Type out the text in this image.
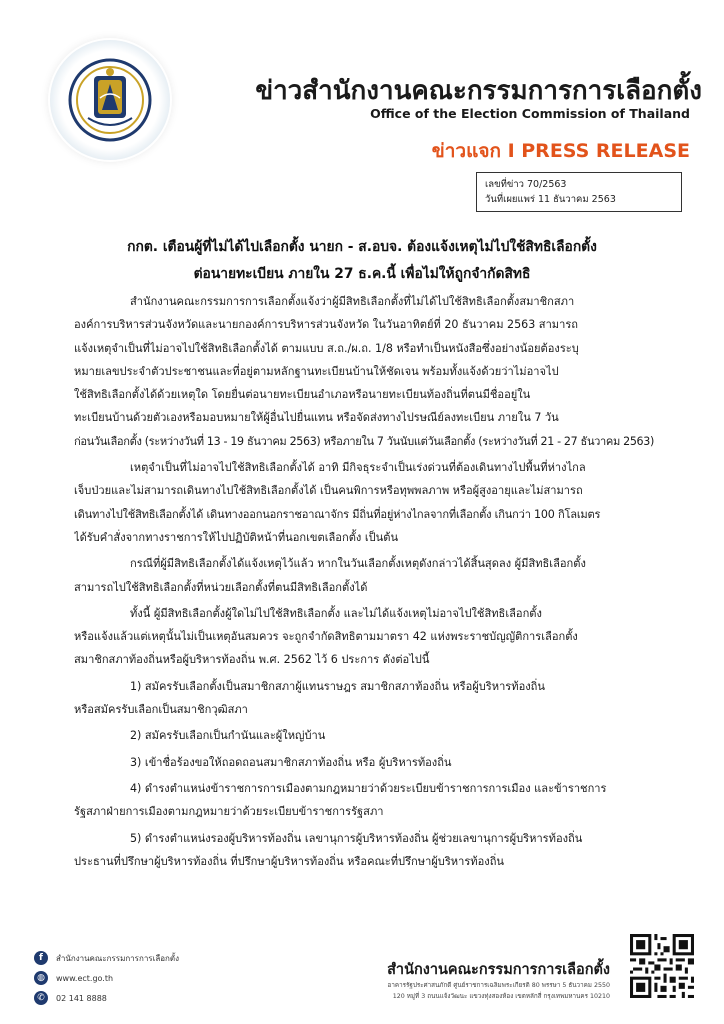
ข่าวสำนักงานคณะกรรมการการเลือกตั้ง
Office of the Election Commission of Thailand
ข่าวแจก I PRESS RELEASE
เลขที่ข่าว 70/2563
วันที่เผยแพร่ 11 ธันวาคม 2563
กกต. เตือนผู้ที่ไม่ได้ไปเลือกตั้ง นายก - ส.อบจ. ต้องแจ้งเหตุไม่ไปใช้สิทธิเลือกตั้ง
ต่อนายทะเบียน ภายใน 27 ธ.ค.นี้ เพื่อไม่ให้ถูกจำกัดสิทธิ
สำนักงานคณะกรรมการการเลือกตั้งแจ้งว่าผู้มีสิทธิเลือกตั้งที่ไม่ได้ไปใช้สิทธิเลือกตั้งสมาชิกสภา
องค์การบริหารส่วนจังหวัดและนายกองค์การบริหารส่วนจังหวัด ในวันอาทิตย์ที่ 20 ธันวาคม 2563 สามารถ
แจ้งเหตุจำเป็นที่ไม่อาจไปใช้สิทธิเลือกตั้งได้ ตามแบบ ส.ถ./ผ.ถ. 1/8 หรือทำเป็นหนังสือซึ่งอย่างน้อยต้องระบุ
หมายเลขประจำตัวประชาชนและที่อยู่ตามหลักฐานทะเบียนบ้านให้ชัดเจน พร้อมทั้งแจ้งด้วยว่าไม่อาจไป
ใช้สิทธิเลือกตั้งได้ด้วยเหตุใด โดยยื่นต่อนายทะเบียนอำเภอหรือนายทะเบียนท้องถิ่นที่ตนมีชื่ออยู่ใน
ทะเบียนบ้านด้วยตัวเองหรือมอบหมายให้ผู้อื่นไปยื่นแทน หรือจัดส่งทางไปรษณีย์ลงทะเบียน ภายใน 7 วัน
ก่อนวันเลือกตั้ง (ระหว่างวันที่ 13 - 19 ธันวาคม 2563) หรือภายใน 7 วันนับแต่วันเลือกตั้ง (ระหว่างวันที่ 21 - 27 ธันวาคม 2563)
เหตุจำเป็นที่ไม่อาจไปใช้สิทธิเลือกตั้งได้ อาทิ มีกิจธุระจำเป็นเร่งด่วนที่ต้องเดินทางไปพื้นที่ห่างไกล
เจ็บป่วยและไม่สามารถเดินทางไปใช้สิทธิเลือกตั้งได้ เป็นคนพิการหรือทุพพลภาพ หรือผู้สูงอายุและไม่สามารถ
เดินทางไปใช้สิทธิเลือกตั้งได้ เดินทางออกนอกราชอาณาจักร มีถิ่นที่อยู่ห่างไกลจากที่เลือกตั้ง เกินกว่า 100 กิโลเมตร
ได้รับคำสั่งจากทางราชการให้ไปปฏิบัติหน้าที่นอกเขตเลือกตั้ง เป็นต้น
กรณีที่ผู้มีสิทธิเลือกตั้งได้แจ้งเหตุไว้แล้ว หากในวันเลือกตั้งเหตุดังกล่าวได้สิ้นสุดลง ผู้มีสิทธิเลือกตั้ง
สามารถไปใช้สิทธิเลือกตั้งที่หน่วยเลือกตั้งที่ตนมีสิทธิเลือกตั้งได้
ทั้งนี้ ผู้มีสิทธิเลือกตั้งผู้ใดไม่ไปใช้สิทธิเลือกตั้ง และไม่ได้แจ้งเหตุไม่อาจไปใช้สิทธิเลือกตั้ง
หรือแจ้งแล้วแต่เหตุนั้นไม่เป็นเหตุอันสมควร จะถูกจำกัดสิทธิตามมาตรา 42 แห่งพระราชบัญญัติการเลือกตั้ง
สมาชิกสภาท้องถิ่นหรือผู้บริหารท้องถิ่น พ.ศ. 2562 ไว้ 6 ประการ ดังต่อไปนี้
1) สมัครรับเลือกตั้งเป็นสมาชิกสภาผู้แทนราษฎร สมาชิกสภาท้องถิ่น หรือผู้บริหารท้องถิ่น
หรือสมัครรับเลือกเป็นสมาชิกวุฒิสภา
2) สมัครรับเลือกเป็นกำนันและผู้ใหญ่บ้าน
3) เข้าชื่อร้องขอให้ถอดถอนสมาชิกสภาท้องถิ่น หรือ ผู้บริหารท้องถิ่น
4) ดำรงตำแหน่งข้าราชการการเมืองตามกฎหมายว่าด้วยระเบียบข้าราชการการเมือง และข้าราชการ
รัฐสภาฝ่ายการเมืองตามกฎหมายว่าด้วยระเบียบข้าราชการรัฐสภา
5) ดำรงตำแหน่งรองผู้บริหารท้องถิ่น เลขานุการผู้บริหารท้องถิ่น ผู้ช่วยเลขานุการผู้บริหารท้องถิ่น
ประธานที่ปรึกษาผู้บริหารท้องถิ่น ที่ปรึกษาผู้บริหารท้องถิ่น หรือคณะที่ปรึกษาผู้บริหารท้องถิ่น
f	สำนักงานคณะกรรมการการเลือกตั้ง
◍	www.ect.go.th
✆	02 141 8888
สำนักงานคณะกรรมการการเลือกตั้ง
อาคารรัฐประศาสนภักดี ศูนย์ราชการเฉลิมพระเกียรติ 80 พรรษา 5 ธันวาคม 2550
120 หมู่ที่ 3 ถนนแจ้งวัฒนะ แขวงทุ่งสองห้อง เขตหลักสี่ กรุงเทพมหานคร 10210
